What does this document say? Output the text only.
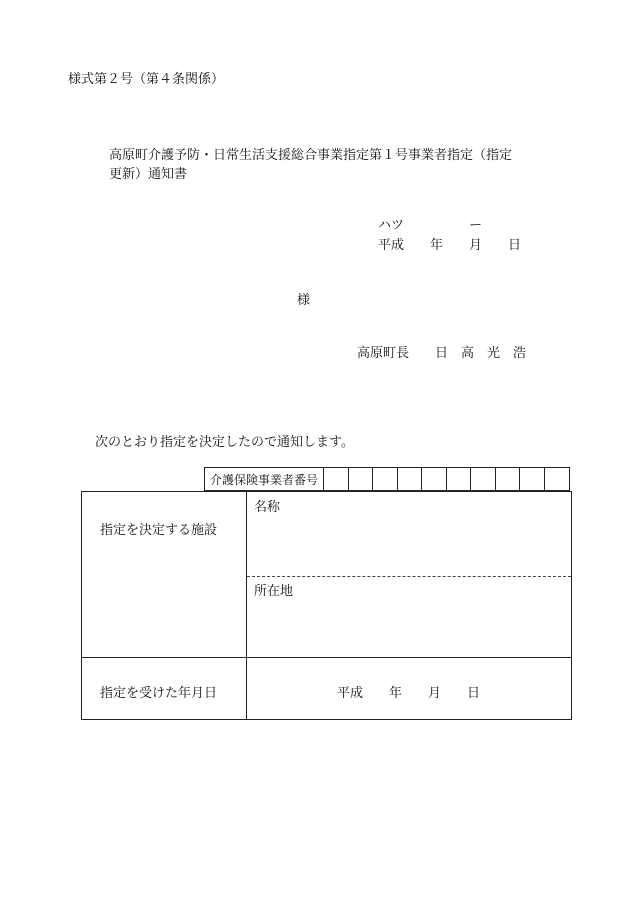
様式第２号（第４条関係）
高原町介護予防・日常生活支援総合事業指定第１号事業者指定（指定
更新）通知書
ハツ　　　　　ー
平成　　年　　月　　日
様
高原町長　　日　高　光　浩
次のとおり指定を決定したので通知します。
介護保険事業者番号
指定を決定する施設
名称
所在地
指定を受けた年月日	平成　　年　　月　　日
